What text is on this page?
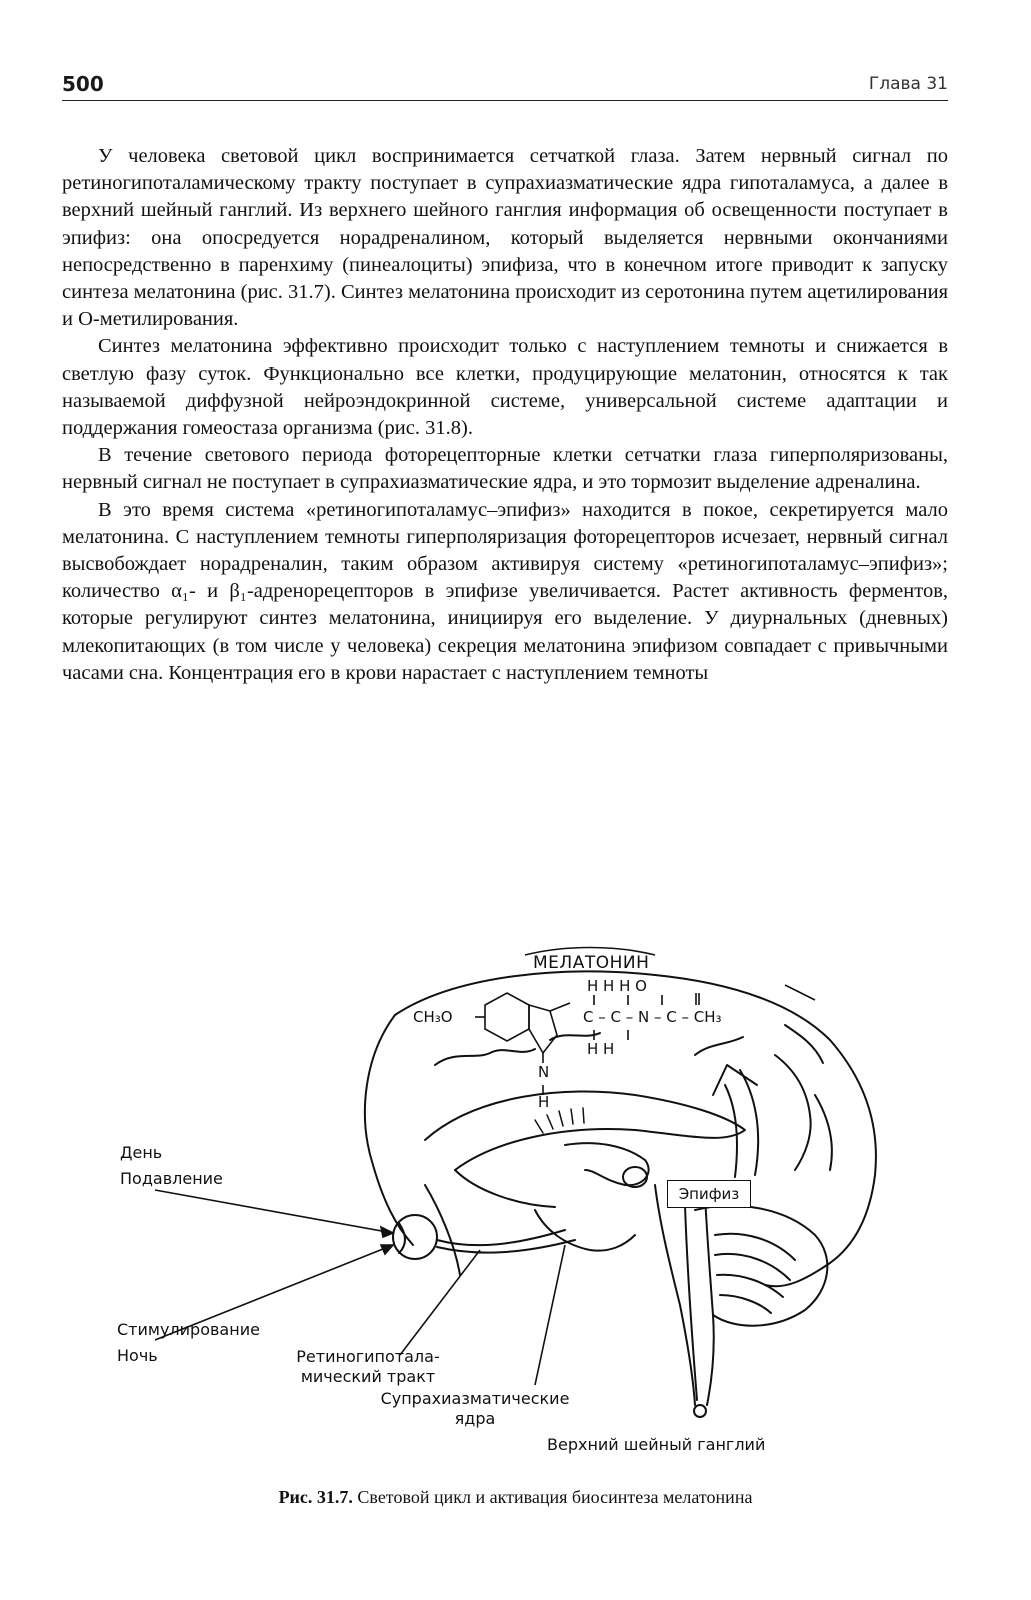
500	Глава 31

У человека световой цикл воспринимается сетчаткой глаза. Затем нервный сигнал по ретиногипоталамическому тракту поступает в супрахиазматические ядра гипоталамуса, а далее в верхний шейный ганглий. Из верхнего шейного ганглия информация об освещенности поступает в эпифиз: она опосредуется норадреналином, который выделяется нервными окончаниями непосредственно в паренхиму (пинеалоциты) эпифиза, что в конечном итоге приводит к запуску синтеза мелатонина (рис. 31.7). Синтез мелатонина происходит из серотонина путем ацетилирования и О-метилирования.

Синтез мелатонина эффективно происходит только с наступлением темноты и снижается в светлую фазу суток. Функционально все клетки, продуцирующие мелатонин, относятся к так называемой диффузной нейроэндокринной системе, универсальной системе адаптации и поддержания гомеостаза организма (рис. 31.8).

В течение светового периода фоторецепторные клетки сетчатки глаза гиперполяризованы, нервный сигнал не поступает в супрахиазматические ядра, и это тормозит выделение адреналина.

В это время система «ретиногипоталамус–эпифиз» находится в покое, секретируется мало мелатонина. С наступлением темноты гиперполяризация фоторецепторов исчезает, нервный сигнал высвобождает норадреналин, таким образом активируя систему «ретиногипоталамус–эпифиз»; количество α₁- и β₁-адренорецепторов в эпифизе увеличивается. Растет активность ферментов, которые регулируют синтез мелатонина, инициируя его выделение. У диурнальных (дневных) млекопитающих (в том числе у человека) секреция мелатонина эпифизом совпадает с привычными часами сна. Концентрация его в крови нарастает с наступлением темноты

МЕЛАТОНИН
H H H O
CH₃O	C – C – N – C – CH₃
H H
N
H
Эпифиз
День
Подавление
Стимулирование
Ночь	Ретиногипотала-
мический тракт
Супрахиазматические
ядра
Верхний шейный ганглий
Рис. 31.7. Световой цикл и активация биосинтеза мелатонина
